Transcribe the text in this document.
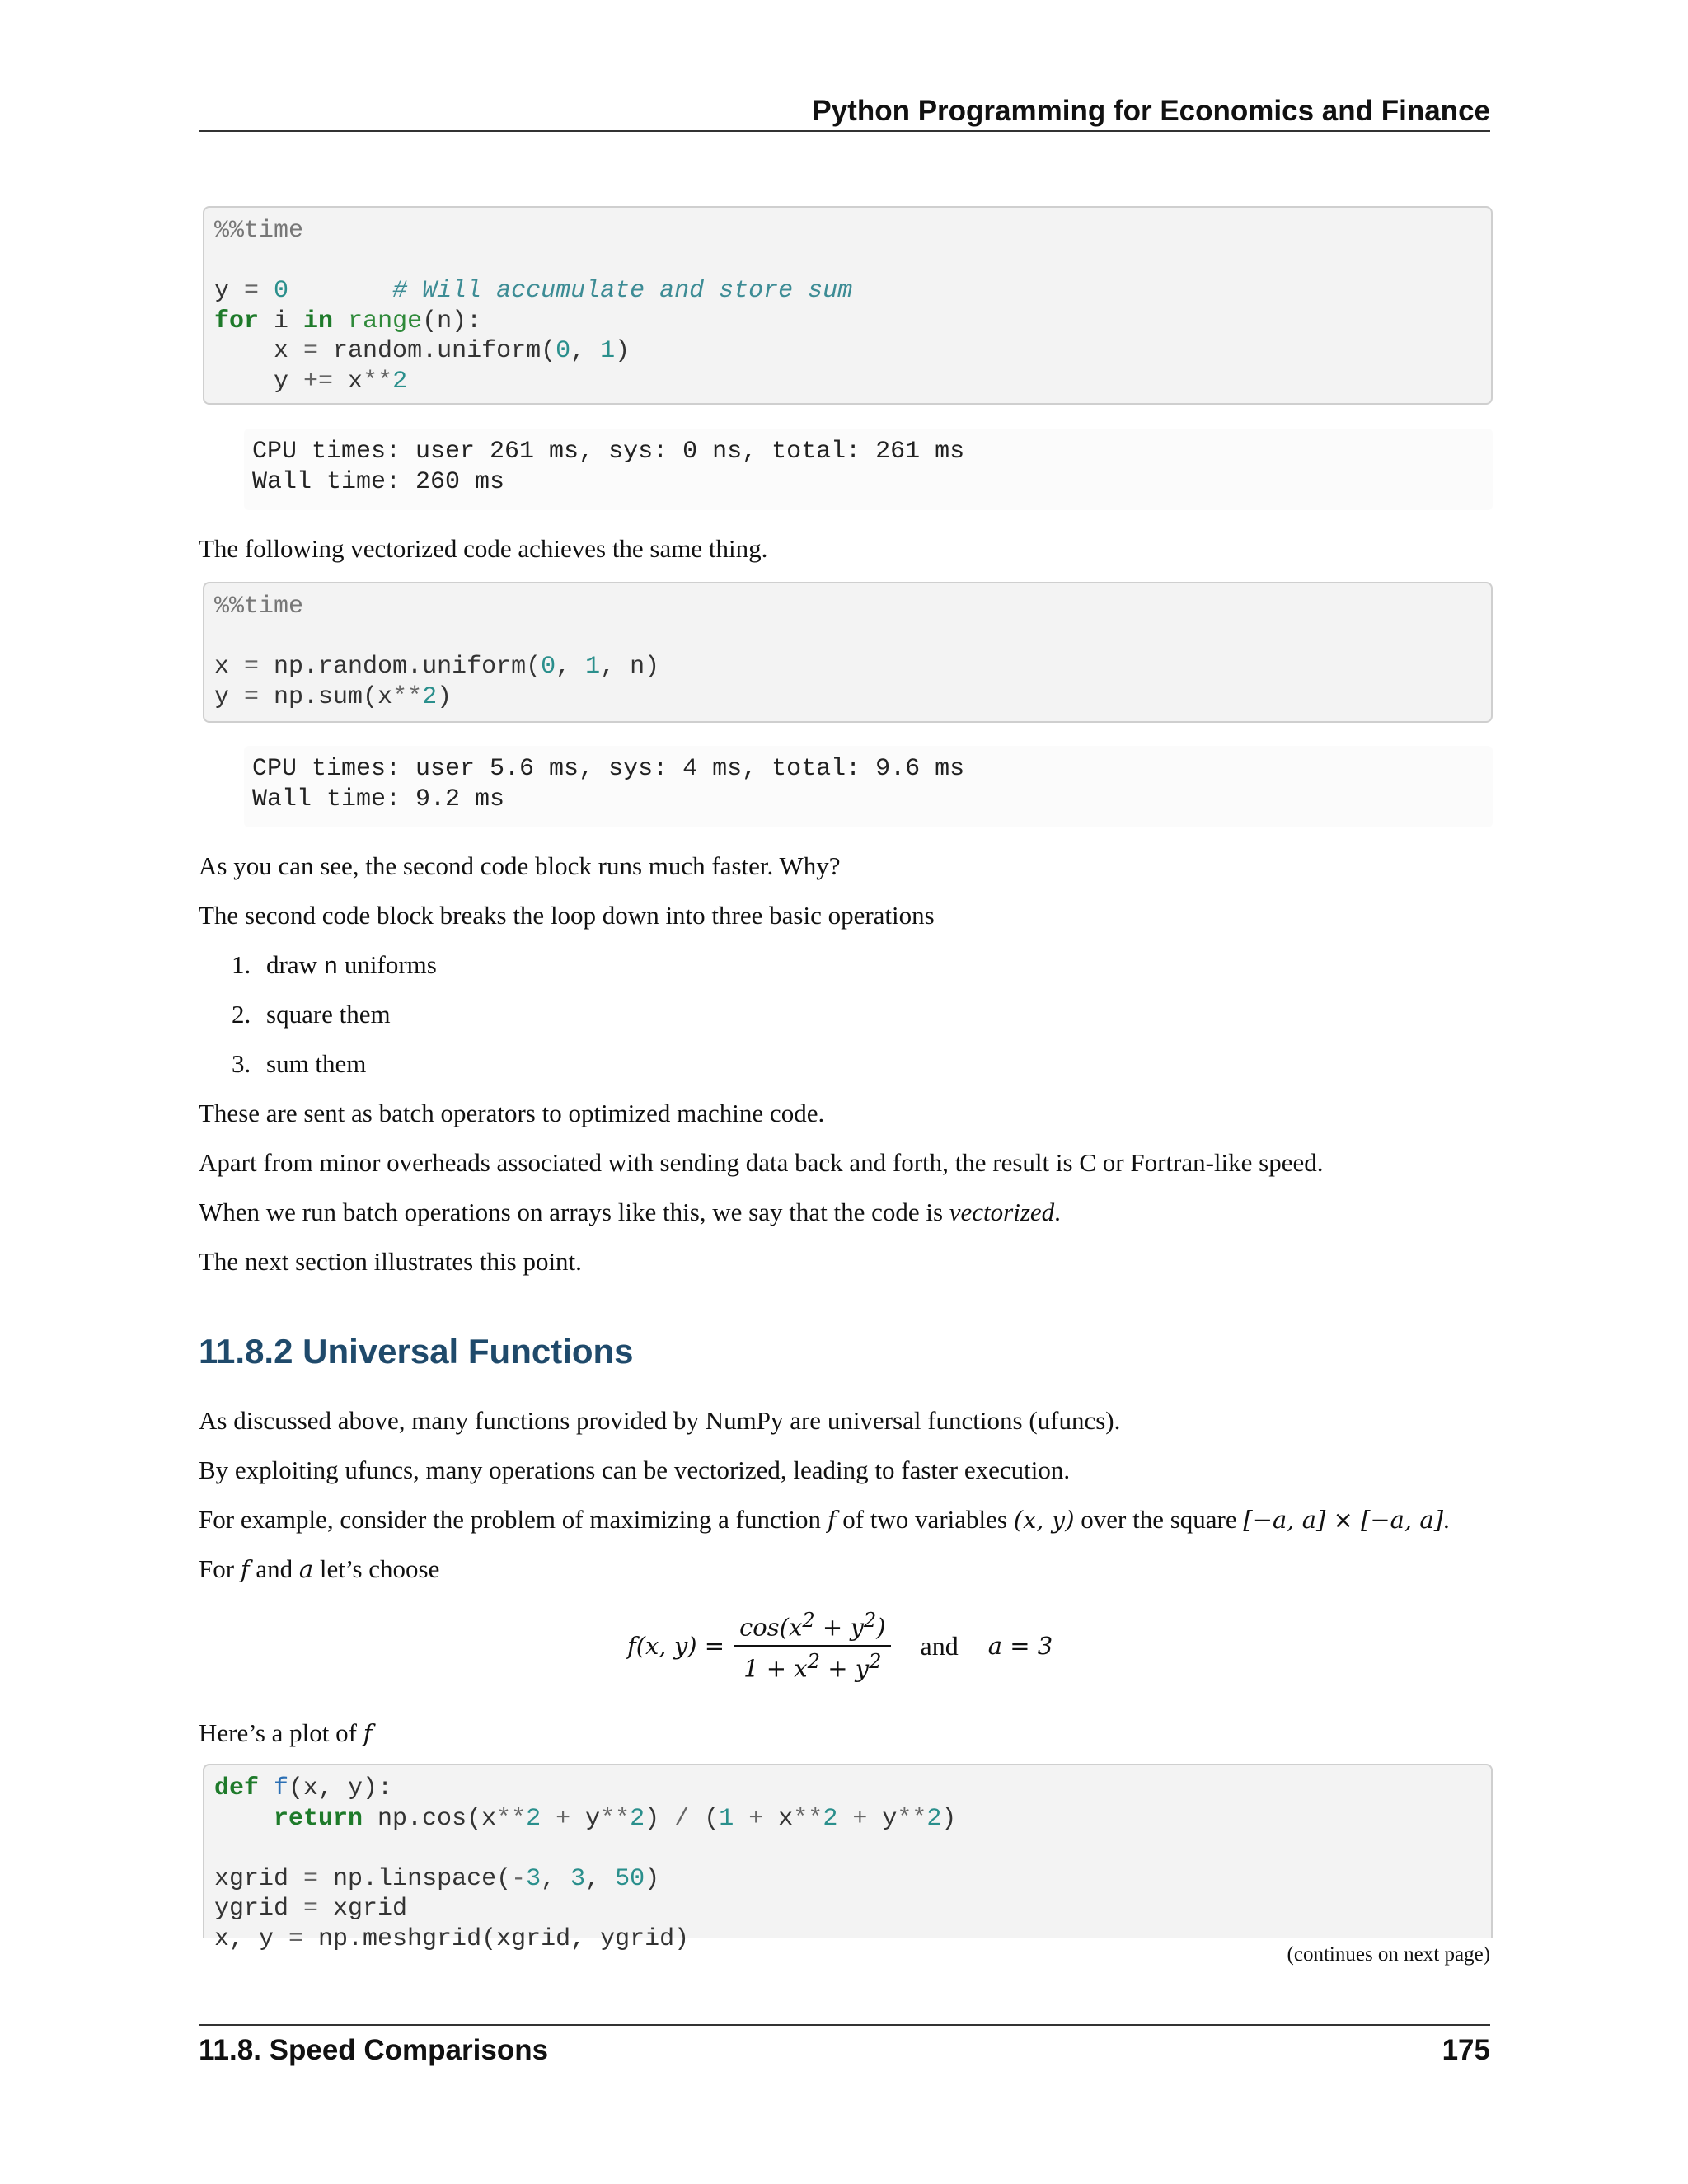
Python Programming for Economics and Finance
%%time

y = 0	# Will accumulate and store sum
for i in range(n):
x = random.uniform(0, 1)
y += x**2
CPU times: user 261 ms, sys: 0 ns, total: 261 ms
Wall time: 260 ms

The following vectorized code achieves the same thing.

%%time

x = np.random.uniform(0, 1, n)
y = np.sum(x**2)
CPU times: user 5.6 ms, sys: 4 ms, total: 9.6 ms
Wall time: 9.2 ms

As you can see, the second code block runs much faster. Why?

The second code block breaks the loop down into three basic operations

1. draw n uniforms
2. square them
3. sum them

These are sent as batch operators to optimized machine code.

Apart from minor overheads associated with sending data back and forth, the result is C or Fortran-like speed.

When we run batch operations on arrays like this, we say that the code is vectorized.

The next section illustrates this point.

11.8.2 Universal Functions

As discussed above, many functions provided by NumPy are universal functions (ufuncs).

By exploiting ufuncs, many operations can be vectorized, leading to faster execution.

For example, consider the problem of maximizing a function f of two variables (x, y) over the square [−a, a] × [−a, a].

For f and a let’s choose

f(x, $y) = \frac{\cos(x^2 + y^2)}{1 + x^2 + y^2}$ and a = 3

Here’s a plot of f

def f(x, y):
return np.cos(x**2 + y**2) / (1 + x**2 + y**2)

xgrid = np.linspace(-3, 3, 50)
ygrid = xgrid
x, y = np.meshgrid(xgrid, ygrid)
(continues on next page)
11.8. Speed Comparisons	175
